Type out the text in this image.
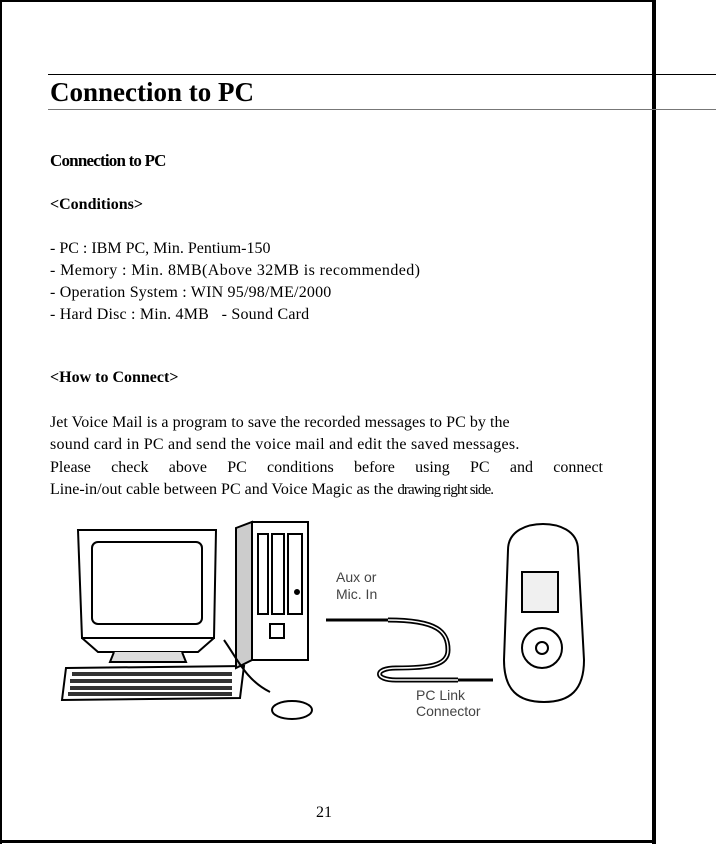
Connection to PC
Connection to PC
<Conditions>
- PC : IBM PC, Min. Pentium-150
- Memory : Min. 8MB(Above 32MB is recommended)
- Operation System : WIN 95/98/ME/2000
- Hard Disc : Min. 4MB   - Sound Card
<How to Connect>
Jet Voice Mail is a program to save the recorded messages to PC by the
sound card in PC and send the voice mail and edit the saved messages.
Please check above PC conditions before using PC and connect
Line-in/out cable between PC and Voice Magic as the drawing right side.
Aux or
Mic. In
PC Link
Connector
21
